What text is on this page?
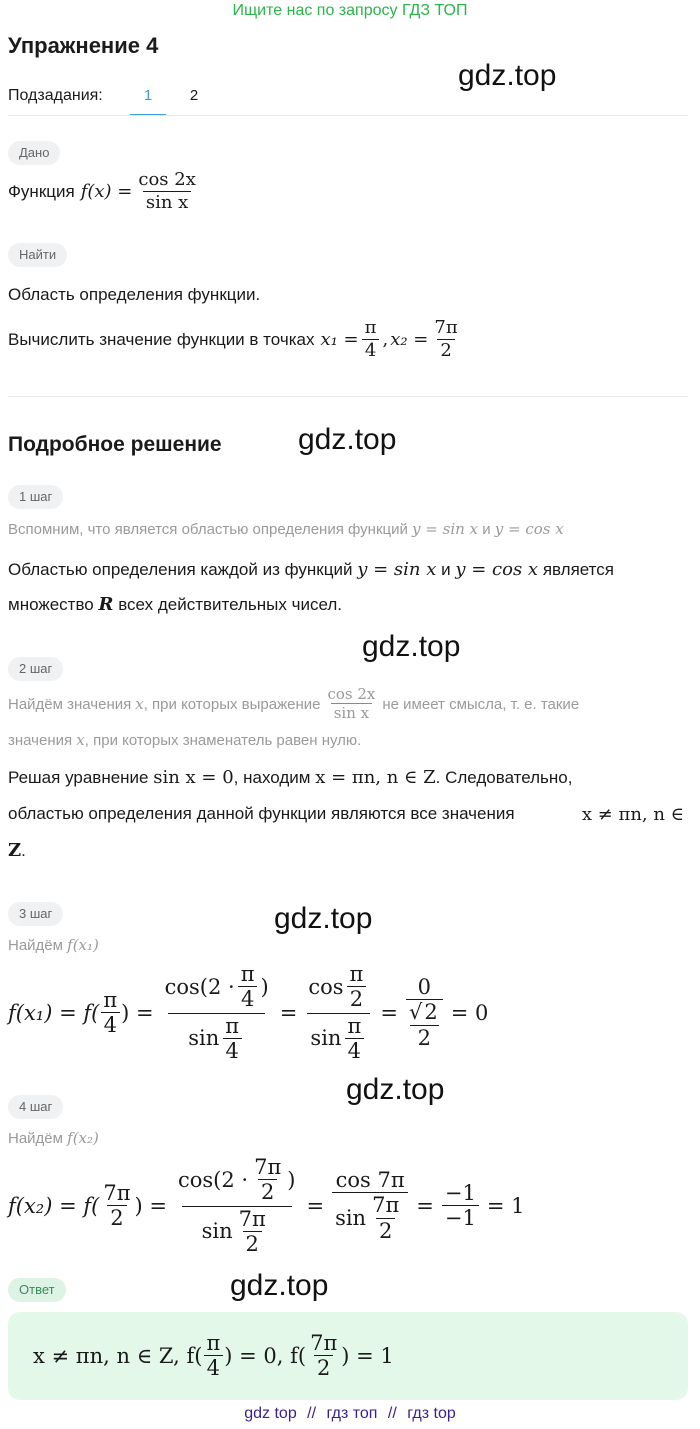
Ищите нас по запросу ГДЗ ТОП
Упражнение 4
gdz.top
Подзадания:	1	2
Дано
Функция $f(x) = \frac{\cos 2x}{\text{sin x}}$
Найти
Область определения функции.
Вычислить значение функции в точках $x_1 = \frac{\pi}{4}$ , $x_2 = \frac{7\pi}{2}$
Подробное решение	gdz.top
1 шаг
Вспомним, что является областью определения функций y = sin x и y = cos x
Областью определения каждой из функций y = sin x и y = cos x является
множество R всех действительных чисел.
gdz.top
2 шаг
Найдём значения x , при которых выражение $\frac{\cos 2x}{\text{sin x}}$ не имеет смысла, т. е. такие
значения x, при которых знаменатель равен нулю.
Решая уравнение sin x = 0, находим x = πn, n ∈ Z. Следовательно,
областью определения данной функции являются все значения	x ≠ πn, n ∈
Z.
3 шаг	gdz.top
Найдём f(x₁)
$f(x_1) = f( \frac{\pi}{4}$ ) = $\frac{\cos(2 \cdot \frac{\pi}{4} )}{\sin \frac{\pi}{4}} = \frac{\cos \frac{\pi}{2}}{\sin \frac{\pi}{4}} = 0$
√2
2 = 0
gdz.top
4 шаг
Найдём f(x₂)
$f(x_2) = f( \frac{7\pi}{2}$ ) = $\frac{\cos(2 \cdot \frac{7\pi}{2} )}{\sin \frac{7\pi}{2}} = \frac{\cos 7\pi}{\sin \frac{7\pi}{2}} = \frac{-1}{-1} = 1$
Ответ	gdz.top
x ≠ πn, n ∈ Z, $f( \frac{\pi}{4}$ ) = 0, $f( \frac{7\pi}{2}$ ) = 1
gdz top // гдз топ // гдз top
